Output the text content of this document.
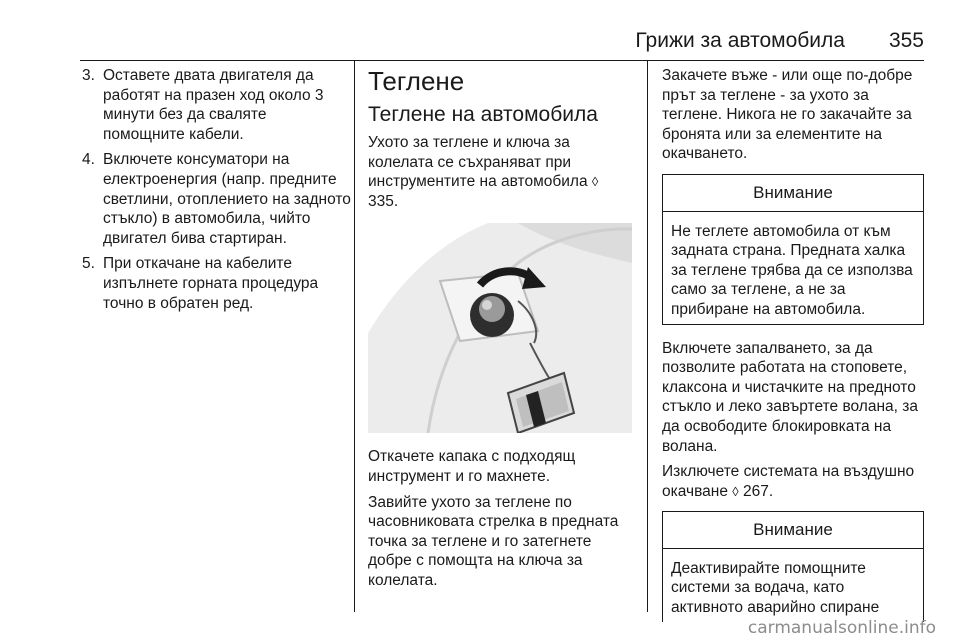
Грижи за автомобила 355
3. Оставете двата двигателя да работят на празен ход около 3 минути без да сваляте помощните кабели.
4. Включете консуматори на електроенергия (напр. предните светлини, отоплението на задното стъкло) в автомобила, чийто двигател бива стартиран.
5. При откачане на кабелите изпълнете горната процедура точно в обратен ред.
Теглене
Теглене на автомобила

Ухото за теглене и ключа за колелата се съхраняват при инструментите на автомобила ◊ 335.

Откачете капака с подходящ инструмент и го махнете.

Завийте ухото за теглене по часовниковата стрелка в предната точка за теглене и го затегнете добре с помощта на ключа за колелата.

Закачете въже - или още по-добре прът за теглене - за ухото за теглене. Никога не го закачайте за бронята или за елементите на окачването.

Внимание
Не теглете автомобила от към задната страна. Предната халка за теглене трябва да се използва само за теглене, а не за прибиране на автомобила.

Включете запалването, за да позволите работата на стоповете, клаксона и чистачките на предното стъкло и леко завъртете волана, за да освободите блокировката на волана.

Изключете системата на въздушно окачване ◊ 267.

Внимание
Деактивирайте помощните системи за водача, като активното аварийно спиране
carmanualsonline.info
